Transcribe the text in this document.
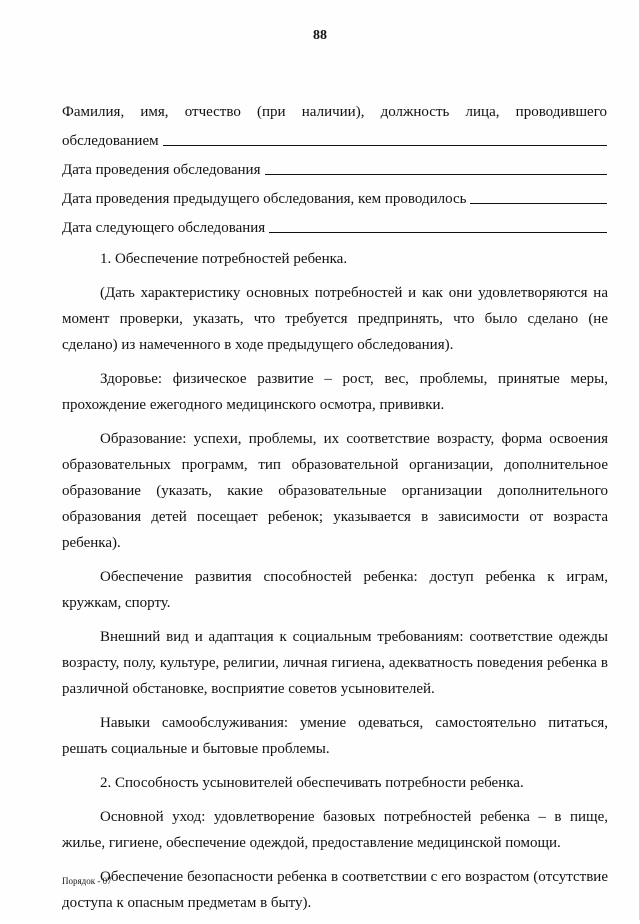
88
Фамилия, имя, отчество (при наличии), должность лица, проводившего
обследованием
Дата проведения обследования
Дата проведения предыдущего обследования, кем проводилось
Дата следующего обследования

1. Обеспечение потребностей ребенка.

(Дать характеристику основных потребностей и как они удовлетворяются на момент проверки, указать, что требуется предпринять, что было сделано (не сделано) из намеченного в ходе предыдущего обследования).

Здоровье: физическое развитие – рост, вес, проблемы, принятые меры, прохождение ежегодного медицинского осмотра, прививки.

Образование: успехи, проблемы, их соответствие возрасту, форма освоения образовательных программ, тип образовательной организации, дополнительное образование (указать, какие образовательные организации дополнительного образования детей посещает ребенок; указывается в зависимости от возраста ребенка).

Обеспечение развития способностей ребенка: доступ ребенка к играм, кружкам, спорту.

Внешний вид и адаптация к социальным требованиям: соответствие одежды возрасту, полу, культуре, религии, личная гигиена, адекватность поведения ребенка в различной обстановке, восприятие советов усыновителей.

Навыки самообслуживания: умение одеваться, самостоятельно питаться, решать социальные и бытовые проблемы.

2. Способность усыновителей обеспечивать потребности ребенка.

Основной уход: удовлетворение базовых потребностей ребенка – в пище, жилье, гигиене, обеспечение одеждой, предоставление медицинской помощи.

Обеспечение безопасности ребенка в соответствии с его возрастом (отсутствие доступа к опасным предметам в быту).

Порядок - 07
